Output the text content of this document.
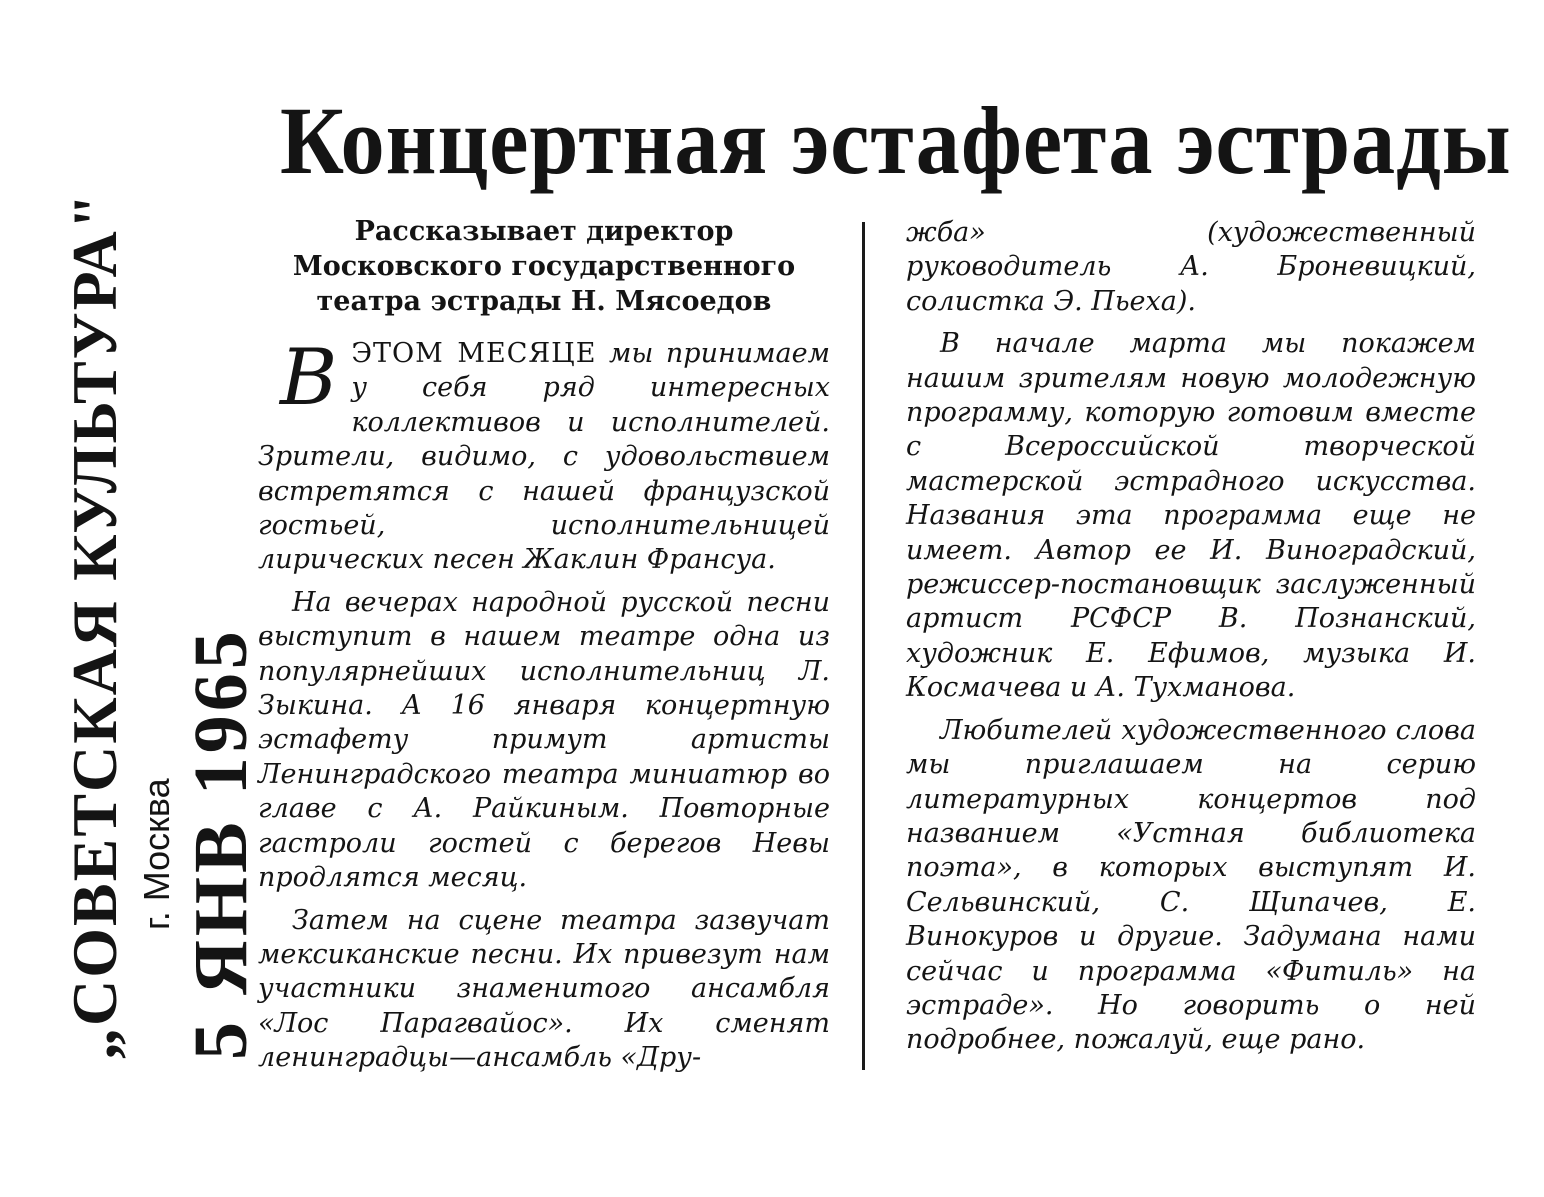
„СОВЕТСКАЯ КУЛЬТУРА" г. Москва 5 ЯНВ 1965
Концертная эстафета эстрады

Рассказывает директор Московского государственного театра эстрады Н. Мясоедов

ВЭТОМ МЕСЯЦЕ мы принимаем у себя ряд интересных коллективов и исполнителей. Зрители, видимо, с удовольствием встретятся с нашей французской гостьей, исполнительницей лирических песен Жаклин Франсуа.

На вечерах народной русской песни выступит в нашем театре одна из популярнейших исполнительниц Л. Зыкина. А 16 января концертную эстафету примут артисты Ленинградского театра миниатюр во главе с А. Райкиным. Повторные гастроли гостей с берегов Невы продлятся месяц.

Затем на сцене театра зазвучат мексиканские песни. Их привезут нам участники знаменитого ансамбля «Лос Парагвайос». Их сменят ленинградцы—ансамбль «Дру-

жба» (художественный руководитель А. Броневицкий, солистка Э. Пьеха).

В начале марта мы покажем нашим зрителям новую молодежную программу, которую готовим вместе с Всероссийской творческой мастерской эстрадного искусства. Названия эта программа еще не имеет. Автор ее И. Виноградский, режиссер-постановщик заслуженный артист РСФСР В. Познанский, художник Е. Ефимов, музыка И. Космачева и А. Тухманова.

Любителей художественного слова мы приглашаем на серию литературных концертов под названием «Устная библиотека поэта», в которых выступят И. Сельвинский, С. Щипачев, Е. Винокуров и другие. Задумана нами сейчас и программа «Фитиль» на эстраде». Но говорить о ней подробнее, пожалуй, еще рано.
